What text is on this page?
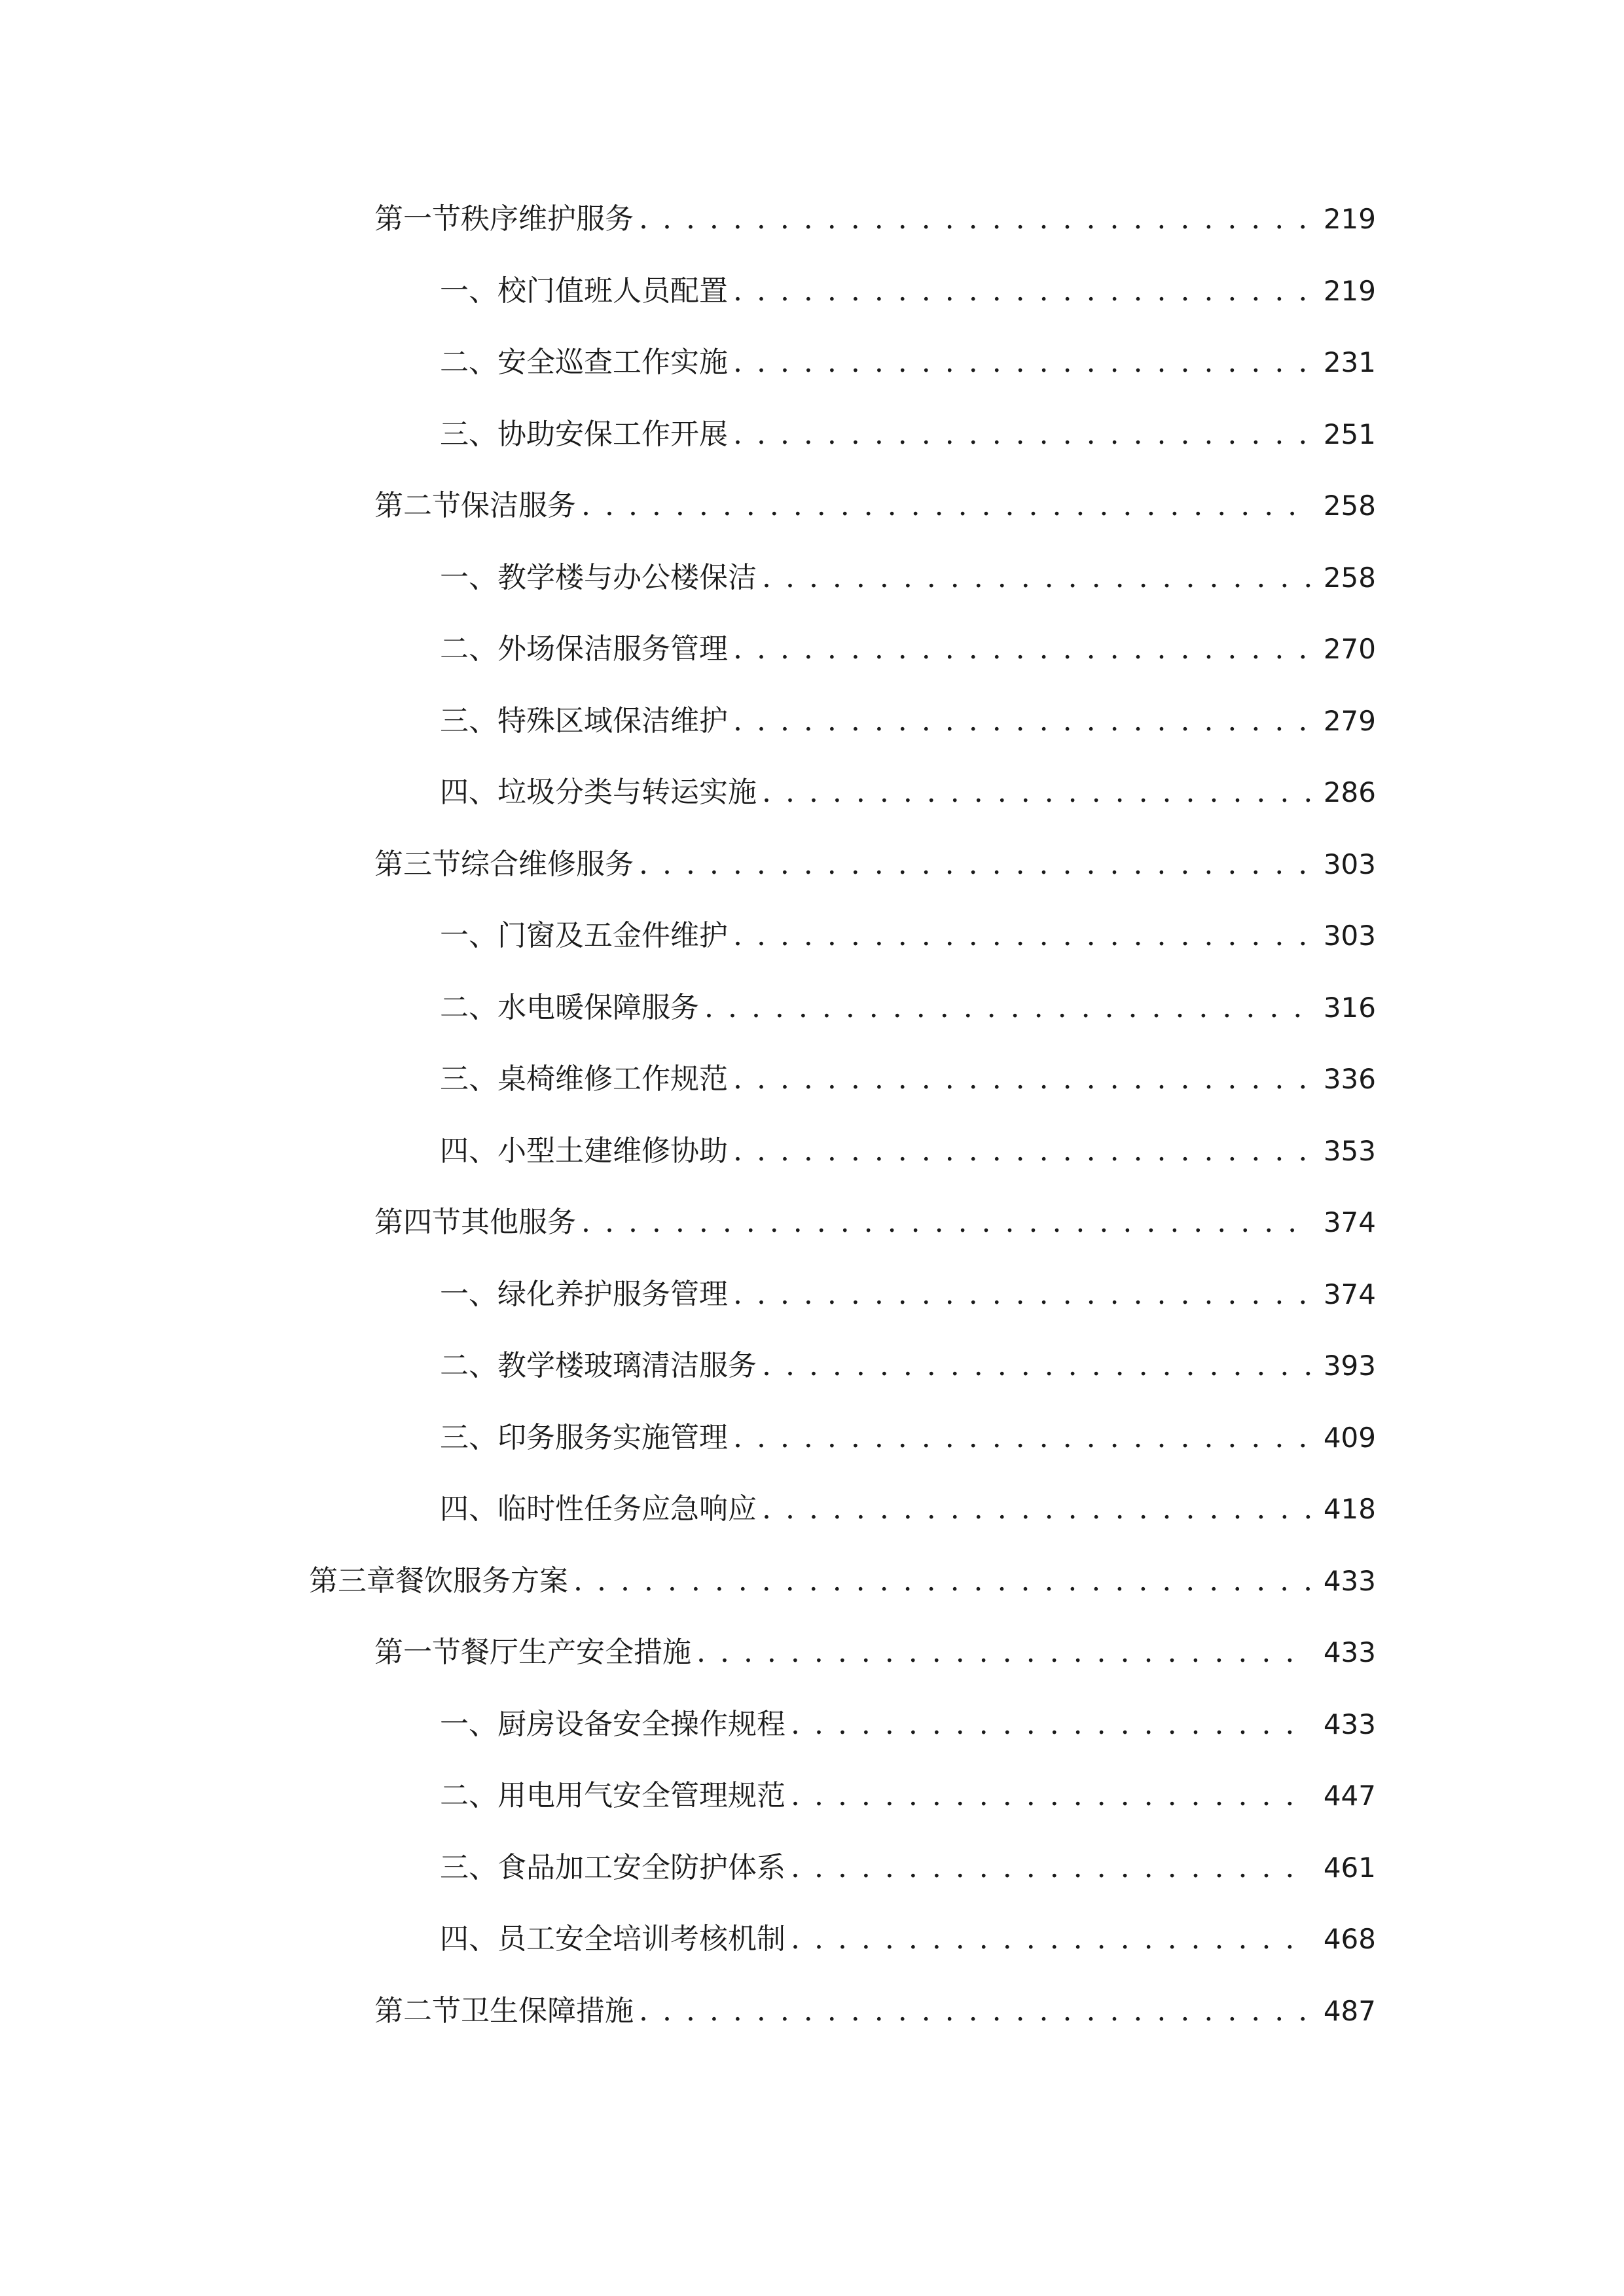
第一节 秩序维护服务 . . .	219
一、 校门值班人员配置 . . .	219
二、 安全巡查工作实施 . . .	231
三、 协助安保工作开展 . . .	251
第二节 保洁服务 . . .	258
一、 教学楼与办公楼保洁 . . .	258
二、 外场保洁服务管理 . . .	270
三、 特殊区域保洁维护 . . .	279
四、 垃圾分类与转运实施 . . .	286
第三节 综合维修服务 . . .	303
一、 门窗及五金件维护 . . .	303
二、 水电暖保障服务 . . .	316
三、 桌椅维修工作规范 . . .	336
四、 小型土建维修协助 . . .	353
第四节 其他服务 . . .	374
一、 绿化养护服务管理 . . .	374
二、 教学楼玻璃清洁服务 . . .	393
三、 印务服务实施管理 . . .	409
四、 临时性任务应急响应 . . .	418
第三章 餐饮服务方案 . . .	433
第一节 餐厅生产安全措施 . . .	433
一、 厨房设备安全操作规程 . . .	433
二、 用电用气安全管理规范 . . .	447
三、 食品加工安全防护体系 . . .	461
四、 员工安全培训考核机制 . . .	468
第二节 卫生保障措施 . . .	487
